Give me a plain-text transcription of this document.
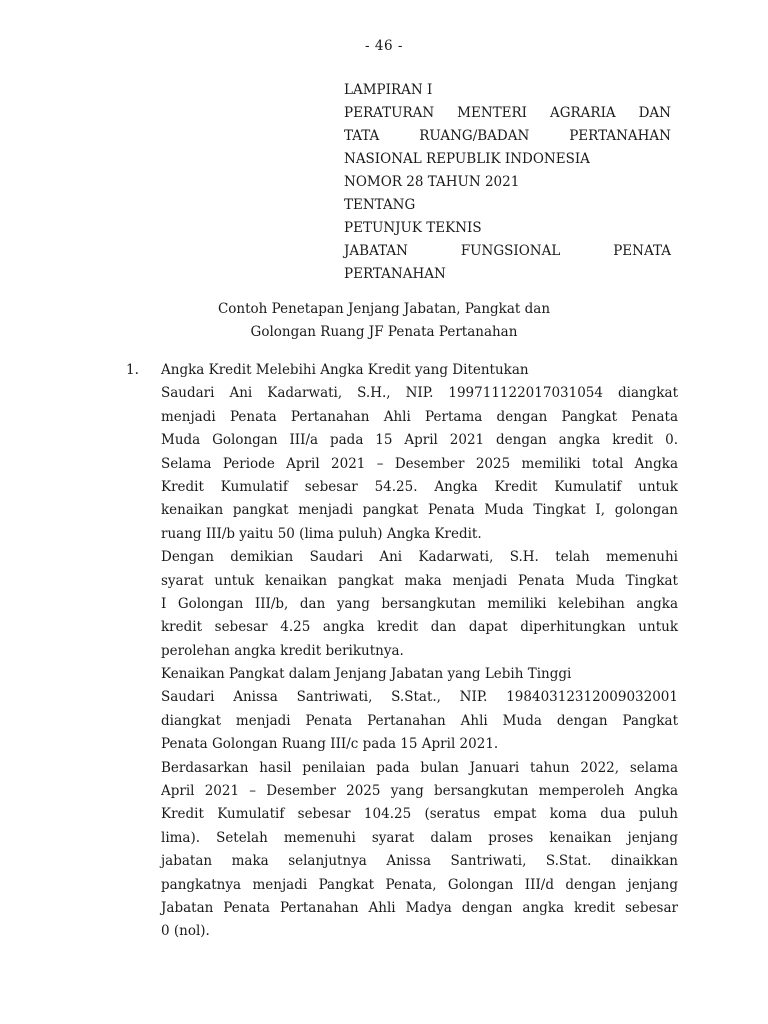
- 46 -
LAMPIRAN I
PERATURAN MENTERI AGRARIA DAN
TATA RUANG/BADAN PERTANAHAN
NASIONAL REPUBLIK INDONESIA
NOMOR 28 TAHUN 2021
TENTANG
PETUNJUK TEKNIS
JABATAN FUNGSIONAL PENATA
PERTANAHAN
Contoh Penetapan Jenjang Jabatan, Pangkat dan
Golongan Ruang JF Penata Pertanahan
1. Angka Kredit Melebihi Angka Kredit yang Ditentukan
Saudari Ani Kadarwati, S.H., NIP. 199711122017031054 diangkat
menjadi Penata Pertanahan Ahli Pertama dengan Pangkat Penata
Muda Golongan III/a pada 15 April 2021 dengan angka kredit 0.
Selama Periode April 2021 – Desember 2025 memiliki total Angka
Kredit Kumulatif sebesar 54.25. Angka Kredit Kumulatif untuk
kenaikan pangkat menjadi pangkat Penata Muda Tingkat I, golongan
ruang III/b yaitu 50 (lima puluh) Angka Kredit.
Dengan demikian Saudari Ani Kadarwati, S.H. telah memenuhi
syarat untuk kenaikan pangkat maka menjadi Penata Muda Tingkat
I Golongan III/b, dan yang bersangkutan memiliki kelebihan angka
kredit sebesar 4.25 angka kredit dan dapat diperhitungkan untuk
perolehan angka kredit berikutnya.
Kenaikan Pangkat dalam Jenjang Jabatan yang Lebih Tinggi
Saudari Anissa Santriwati, S.Stat., NIP. 198403123120090320​01
diangkat menjadi Penata Pertanahan Ahli Muda dengan Pangkat
Penata Golongan Ruang III/c pada 15 April 2021.
Berdasarkan hasil penilaian pada bulan Januari tahun 2022, selama
April 2021 – Desember 2025 yang bersangkutan memperoleh Angka
Kredit Kumulatif sebesar 104.25 (seratus empat koma dua puluh
lima). Setelah memenuhi syarat dalam proses kenaikan jenjang
jabatan maka selanjutnya Anissa Santriwati, S.Stat. dinaikkan
pangkatnya menjadi Pangkat Penata, Golongan III/d dengan jenjang
Jabatan Penata Pertanahan Ahli Madya dengan angka kredit sebesar
0 (nol).
